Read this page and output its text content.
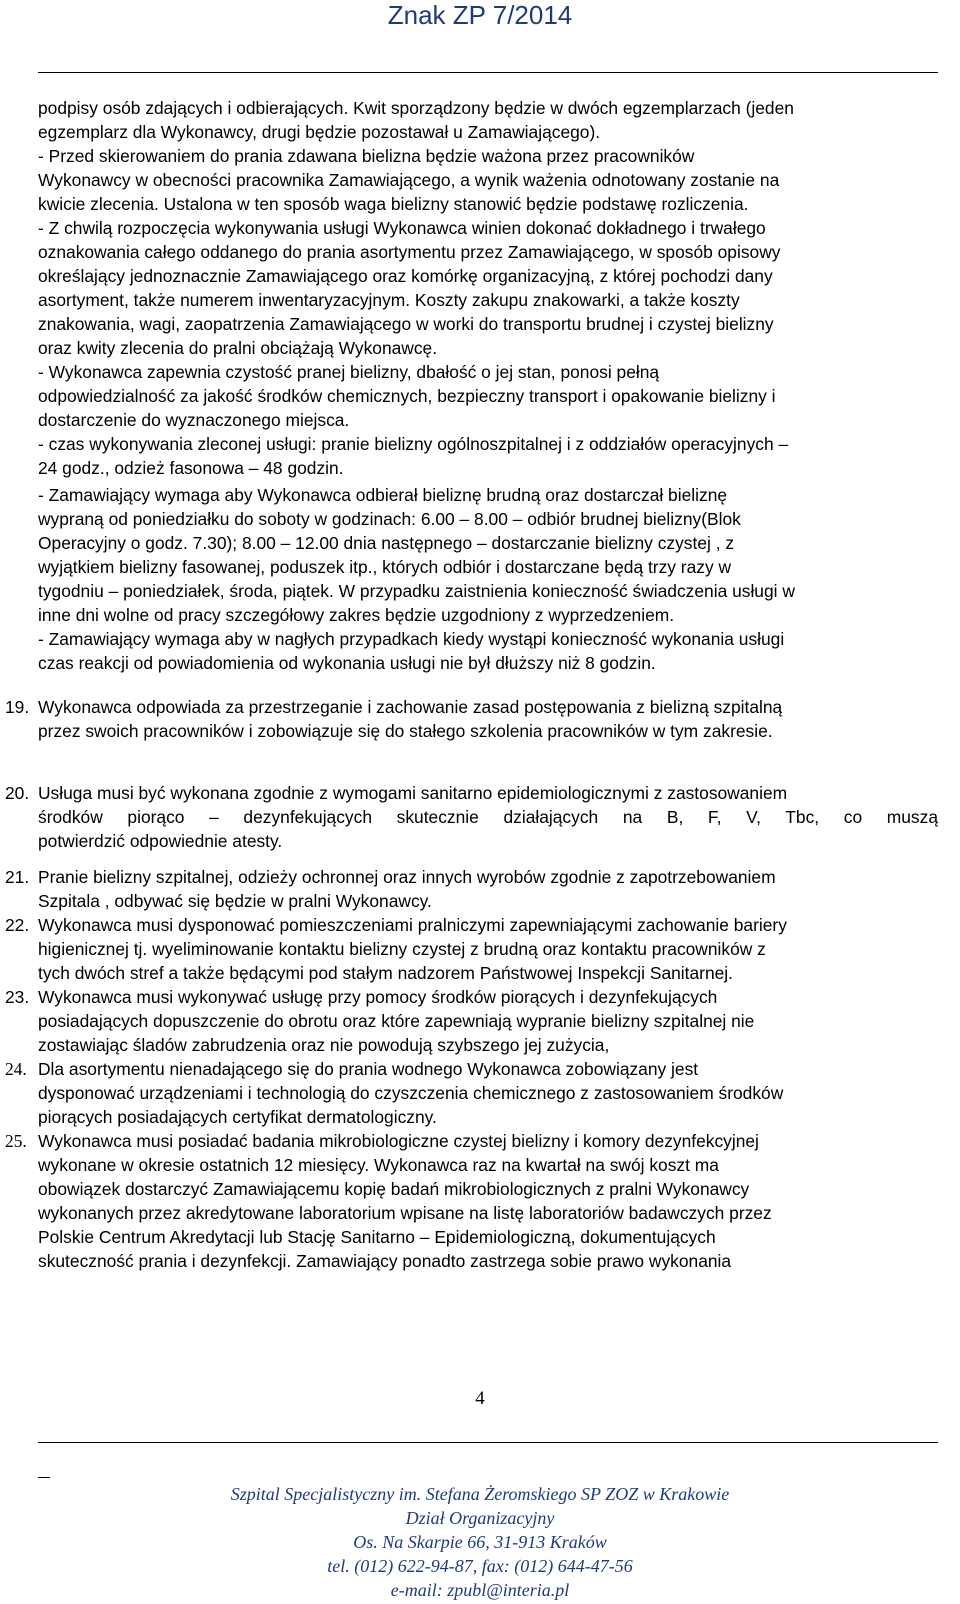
Znak ZP 7/2014
podpisy osób zdających i odbierających. Kwit sporządzony będzie w dwóch egzemplarzach (jeden
egzemplarz dla Wykonawcy, drugi będzie pozostawał u Zamawiającego).
- Przed skierowaniem do prania zdawana bielizna będzie ważona przez pracowników
Wykonawcy w obecności pracownika Zamawiającego, a wynik ważenia odnotowany zostanie na
kwicie zlecenia. Ustalona w ten sposób waga bielizny stanowić będzie podstawę rozliczenia.
- Z chwilą rozpoczęcia wykonywania usługi Wykonawca winien dokonać dokładnego i trwałego
oznakowania całego oddanego do prania asortymentu przez Zamawiającego, w sposób opisowy
określający jednoznacznie Zamawiającego oraz komórkę organizacyjną, z której pochodzi dany
asortyment, także numerem inwentaryzacyjnym. Koszty zakupu znakowarki, a także koszty
znakowania, wagi, zaopatrzenia Zamawiającego w worki do transportu brudnej i czystej bielizny
oraz kwity zlecenia do pralni obciążają Wykonawcę.
- Wykonawca zapewnia czystość pranej bielizny, dbałość o jej stan, ponosi pełną
odpowiedzialność za jakość środków chemicznych, bezpieczny transport i opakowanie bielizny i
dostarczenie do wyznaczonego miejsca.
- czas wykonywania zleconej usługi: pranie bielizny ogólnoszpitalnej i z oddziałów operacyjnych –
24 godz., odzież fasonowa – 48 godzin.
- Zamawiający wymaga aby Wykonawca odbierał bieliznę brudną oraz dostarczał bieliznę
wypraną od poniedziałku do soboty w godzinach: 6.00 – 8.00 – odbiór brudnej bielizny(Blok
Operacyjny o godz. 7.30); 8.00 – 12.00 dnia następnego – dostarczanie bielizny czystej , z
wyjątkiem bielizny fasowanej, poduszek itp., których odbiór i dostarczane będą trzy razy w
tygodniu – poniedziałek, środa, piątek. W przypadku zaistnienia konieczność świadczenia usługi w
inne dni wolne od pracy szczegółowy zakres będzie uzgodniony z wyprzedzeniem.
- Zamawiający wymaga aby w nagłych przypadkach kiedy wystąpi konieczność wykonania usługi
czas reakcji od powiadomienia od wykonania usługi nie był dłuższy niż 8 godzin.
19. Wykonawca odpowiada za przestrzeganie i zachowanie zasad postępowania z bielizną szpitalną
przez swoich pracowników i zobowiązuje się do stałego szkolenia pracowników w tym zakresie.
20. Usługa musi być wykonana zgodnie z wymogami sanitarno epidemiologicznymi z zastosowaniem
środków piorąco – dezynfekujących skutecznie działających na B, F, V, Tbc, co muszą
potwierdzić odpowiednie atesty.
21. Pranie bielizny szpitalnej, odzieży ochronnej oraz innych wyrobów zgodnie z zapotrzebowaniem
Szpitala , odbywać się będzie w pralni Wykonawcy.
22. Wykonawca musi dysponować pomieszczeniami pralniczymi zapewniającymi zachowanie bariery
higienicznej tj. wyeliminowanie kontaktu bielizny czystej z brudną oraz kontaktu pracowników z
tych dwóch stref a także będącymi pod stałym nadzorem Państwowej Inspekcji Sanitarnej.
23. Wykonawca musi wykonywać usługę przy pomocy środków piorących i dezynfekujących
posiadających dopuszczenie do obrotu oraz które zapewniają wypranie bielizny szpitalnej nie
zostawiając śladów zabrudzenia oraz nie powodują szybszego jej zużycia,
24. Dla asortymentu nienadającego się do prania wodnego Wykonawca zobowiązany jest
dysponować urządzeniami i technologią do czyszczenia chemicznego z zastosowaniem środków
piorących posiadających certyfikat dermatologiczny.
25. Wykonawca musi posiadać badania mikrobiologiczne czystej bielizny i komory dezynfekcyjnej
wykonane w okresie ostatnich 12 miesięcy. Wykonawca raz na kwartał na swój koszt ma
obowiązek dostarczyć Zamawiającemu kopię badań mikrobiologicznych z pralni Wykonawcy
wykonanych przez akredytowane laboratorium wpisane na listę laboratoriów badawczych przez
Polskie Centrum Akredytacji lub Stację Sanitarno – Epidemiologiczną, dokumentujących
skuteczność prania i dezynfekcji. Zamawiający ponadto zastrzega sobie prawo wykonania
4
Szpital Specjalistyczny im. Stefana Żeromskiego SP ZOZ w Krakowie
Dział Organizacyjny
Os. Na Skarpie 66, 31-913 Kraków
tel. (012) 622-94-87, fax: (012) 644-47-56
e-mail: zpubl@interia.pl
